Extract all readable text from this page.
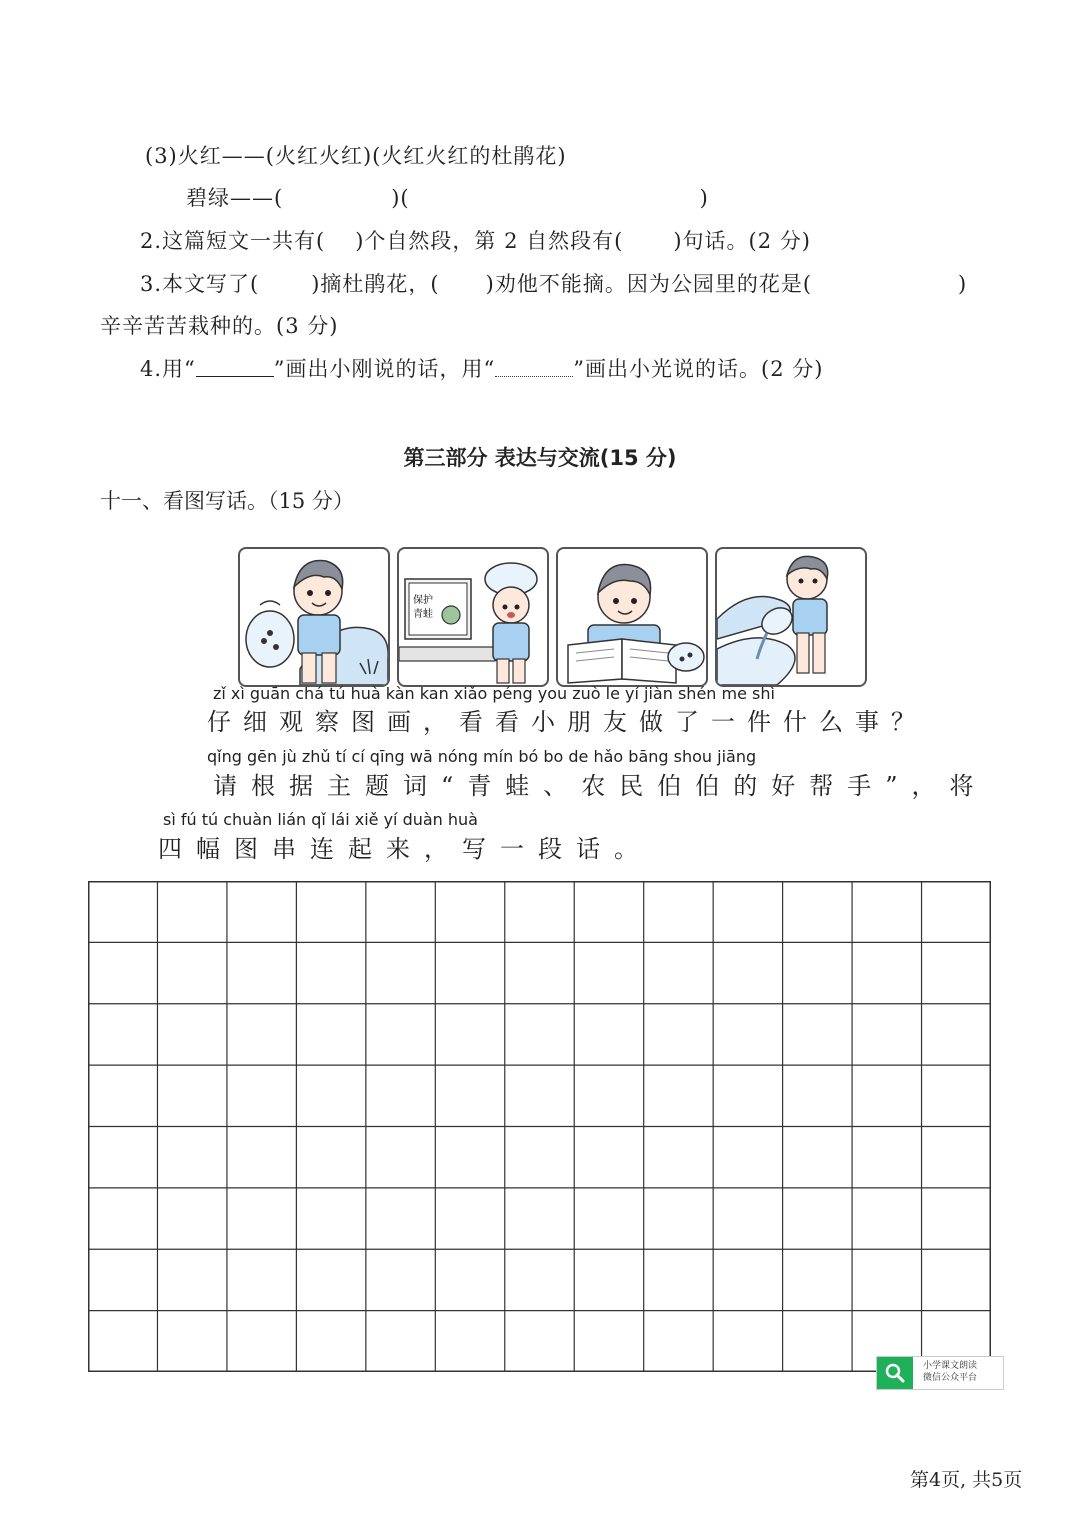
(3)火红——(火红火红)(火红火红的杜鹃花)
碧绿——(	)(	)
2.这篇短文一共有( )个自然段，第 2 自然段有( )句话。(2 分)
3.本文写了( )摘杜鹃花，( )劝他不能摘。因为公园里的花是(	)
辛辛苦苦栽种的。(3 分)
4.用“	”画出小刚说的话，用“	”画出小光说的话。(2 分)
第三部分 表达与交流(15 分)
十一、看图写话。（15 分）
保护
青蛙
zǐ xì guān chá tú huà kàn kan xiǎo péng you zuò le yí jiàn shén me shì
仔细观察图画，看看小朋友做了一件什么事？
qǐng gēn jù zhǔ tí cí qīng wā nóng mín bó bo de hǎo bāng shou jiāng
请根据主题词“青蛙、农民伯伯的好帮手”，将
sì fú tú chuàn lián qǐ lái xiě yí duàn huà
四幅图串连起来，写一段话。
小学课文朗读
微信公众平台
第4页, 共5页
